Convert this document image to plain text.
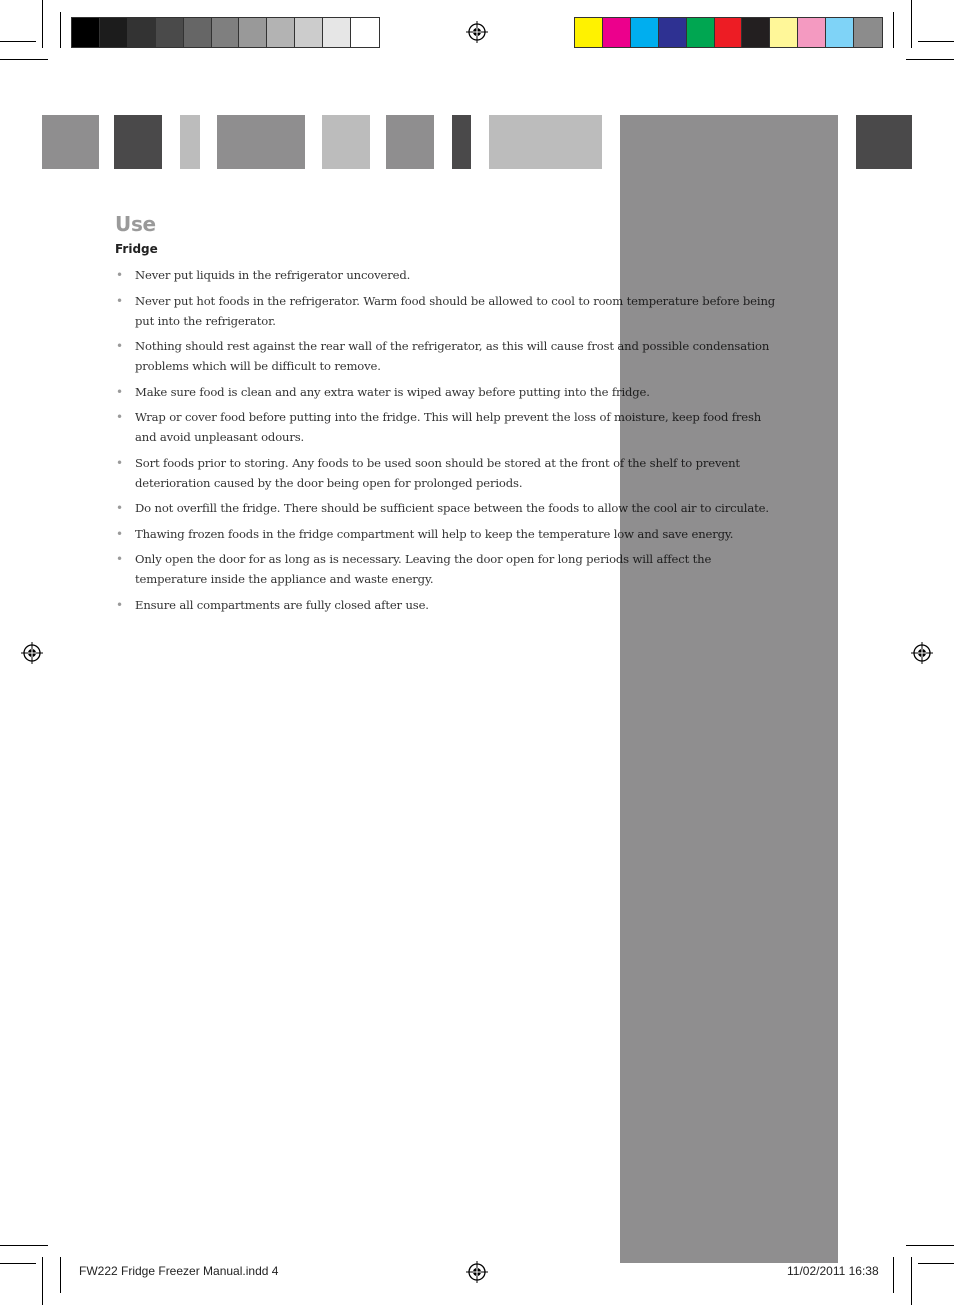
Use
Fridge
• Never put liquids in the refrigerator uncovered.
• Never put hot foods in the refrigerator. Warm food should be allowed to cool to room temperature before being put into the refrigerator.
• Nothing should rest against the rear wall of the refrigerator, as this will cause frost and possible condensation problems which will be difficult to remove.
• Make sure food is clean and any extra water is wiped away before putting into the fridge.
• Wrap or cover food before putting into the fridge. This will help prevent the loss of moisture, keep food fresh and avoid unpleasant odours.
• Sort foods prior to storing. Any foods to be used soon should be stored at the front of the shelf to prevent deterioration caused by the door being open for prolonged periods.
• Do not overfill the fridge. There should be sufficient space between the foods to allow the cool air to circulate.
• Thawing frozen foods in the fridge compartment will help to keep the temperature low and save energy.
• Only open the door for as long as is necessary. Leaving the door open for long periods will affect the temperature inside the appliance and waste energy.
• Ensure all compartments are fully closed after use.
FW222 Fridge Freezer Manual.indd 4	11/02/2011 16:38
